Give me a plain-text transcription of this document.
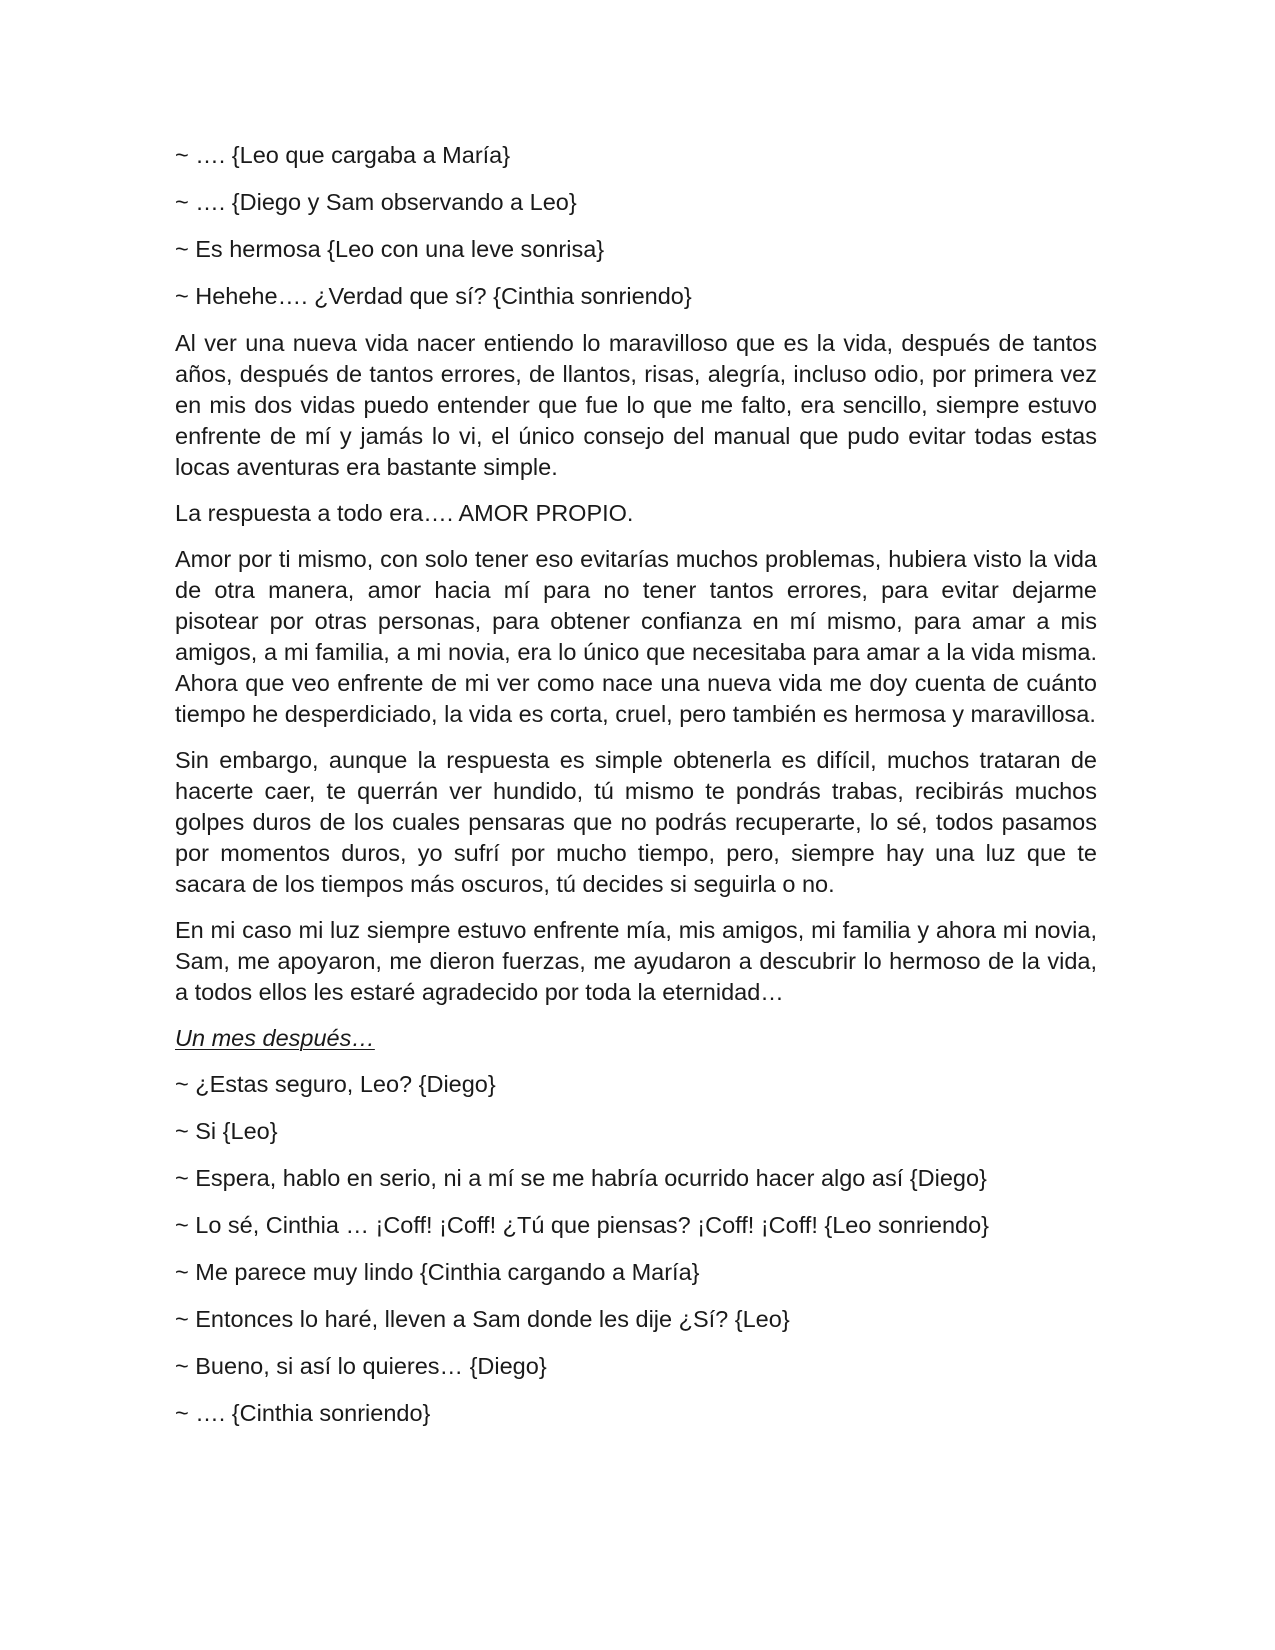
~ …. {Leo que cargaba a María}

~ …. {Diego y Sam observando a Leo}

~ Es hermosa {Leo con una leve sonrisa}

~ Hehehe…. ¿Verdad que sí? {Cinthia sonriendo}

Al ver una nueva vida nacer entiendo lo maravilloso que es la vida, después de tantos años, después de tantos errores, de llantos, risas, alegría, incluso odio, por primera vez en mis dos vidas puedo entender que fue lo que me falto, era sencillo, siempre estuvo enfrente de mí y jamás lo vi, el único consejo del manual que pudo evitar todas estas locas aventuras era bastante simple.

La respuesta a todo era…. AMOR PROPIO.

Amor por ti mismo, con solo tener eso evitarías muchos problemas, hubiera visto la vida de otra manera, amor hacia mí para no tener tantos errores, para evitar dejarme pisotear por otras personas, para obtener confianza en mí mismo, para amar a mis amigos, a mi familia, a mi novia, era lo único que necesitaba para amar a la vida misma. Ahora que veo enfrente de mi ver como nace una nueva vida me doy cuenta de cuánto tiempo he desperdiciado, la vida es corta, cruel, pero también es hermosa y maravillosa.

Sin embargo, aunque la respuesta es simple obtenerla es difícil, muchos trataran de hacerte caer, te querrán ver hundido, tú mismo te pondrás trabas, recibirás muchos golpes duros de los cuales pensaras que no podrás recuperarte, lo sé, todos pasamos por momentos duros, yo sufrí por mucho tiempo, pero, siempre hay una luz que te sacara de los tiempos más oscuros, tú decides si seguirla o no.

En mi caso mi luz siempre estuvo enfrente mía, mis amigos, mi familia y ahora mi novia, Sam, me apoyaron, me dieron fuerzas, me ayudaron a descubrir lo hermoso de la vida, a todos ellos les estaré agradecido por toda la eternidad…

Un mes después…

~ ¿Estas seguro, Leo? {Diego}

~ Si {Leo}

~ Espera, hablo en serio, ni a mí se me habría ocurrido hacer algo así {Diego}

~ Lo sé, Cinthia … ¡Coff! ¡Coff! ¿Tú que piensas? ¡Coff! ¡Coff! {Leo sonriendo}

~ Me parece muy lindo {Cinthia cargando a María}

~ Entonces lo haré, lleven a Sam donde les dije ¿Sí? {Leo}

~ Bueno, si así lo quieres… {Diego}

~ …. {Cinthia sonriendo}
